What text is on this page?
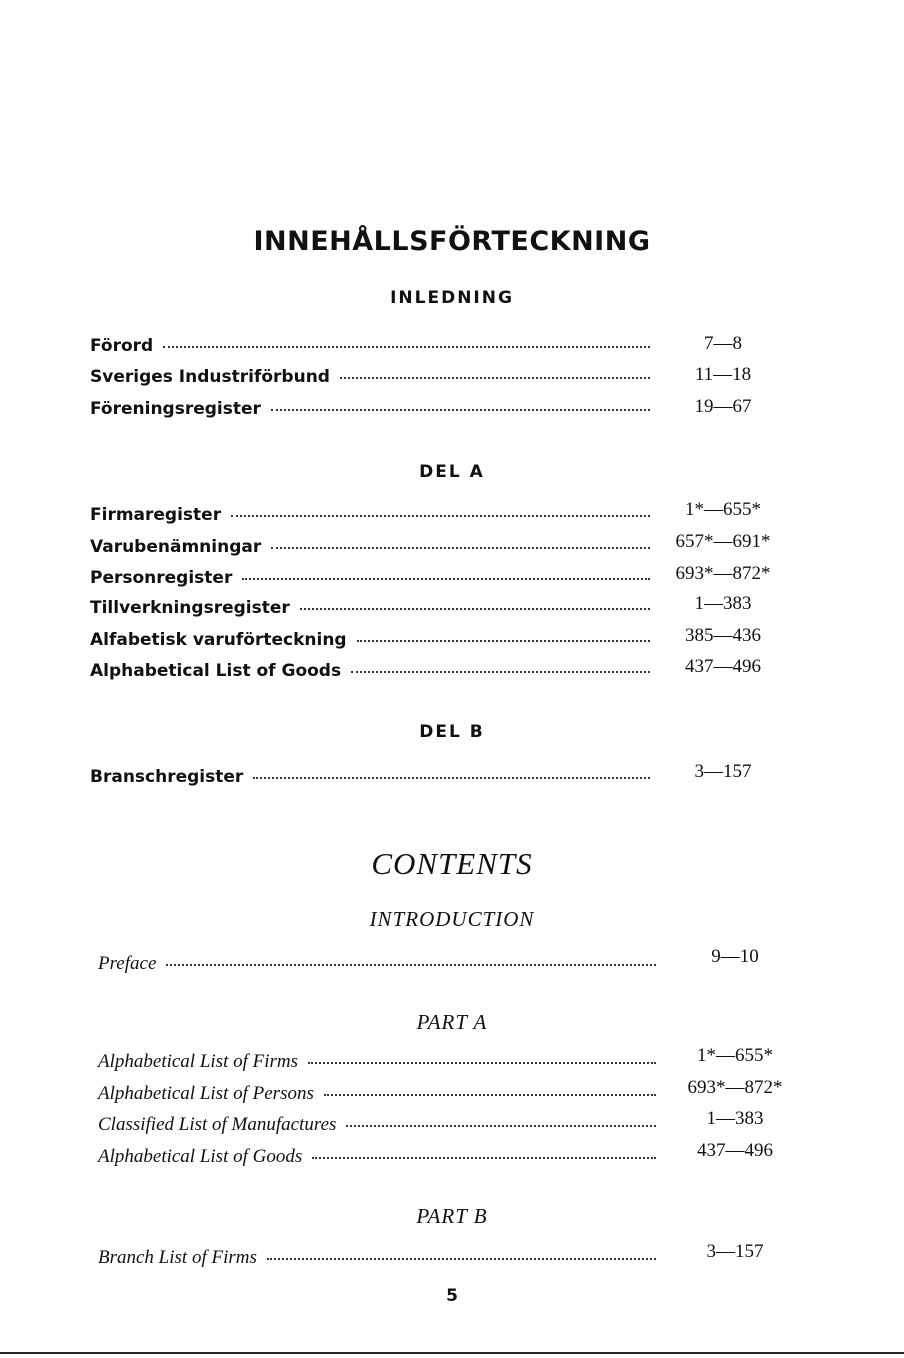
INNEHÅLLSFÖRTECKNING
INLEDNING
Förord	7—8
Sveriges Industriförbund	11—18
Föreningsregister	19—67
DEL A
Firmaregister	1*—655*
Varubenämningar	657*—691*
Personregister	693*—872*
Tillverkningsregister	1—383
Alfabetisk varuförteckning	385—436
Alphabetical List of Goods	437—496
DEL B
Branschregister	3—157
CONTENTS
INTRODUCTION
Preface	9—10
PART A
Alphabetical List of Firms	1*—655*
Alphabetical List of Persons	693*—872*
Classified List of Manufactures	1—383
Alphabetical List of Goods	437—496
PART B
Branch List of Firms	3—157
5
